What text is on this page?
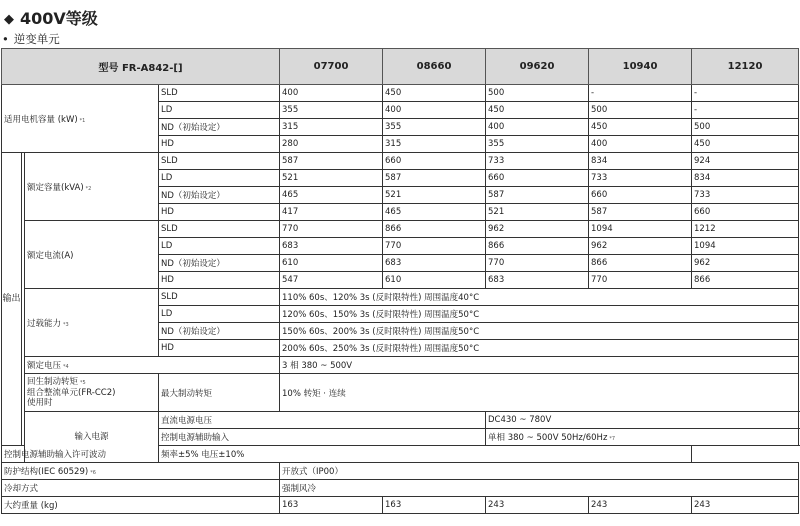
◆ 400V等级
• 逆变单元
型号 FR-A842-[]				07700	08660	09620	10940	12120
适用电机容量 (kW) *1			SLD	400	450	500	-	-
			LD	355	400	450	500	-
			ND（初始设定）	315	355	400	450	500
			HD	280	315	355	400	450
输出		额定容量(kVA) *2	SLD	587	660	733	834	924
			LD	521	587	660	733	834
			ND（初始设定）	465	521	587	660	733
			HD	417	465	521	587	660
		额定电流(A)	SLD	770	866	962	1094	1212
			LD	683	770	866	962	1094
			ND（初始设定）	610	683	770	866	962
			HD	547	610	683	770	866
		过载能力 *3	SLD	110% 60s、120% 3s (反时限特性) 周围温度40°C				
			LD	120% 60s、150% 3s (反时限特性) 周围温度50°C				
			ND（初始设定）	150% 60s、200% 3s (反时限特性) 周围温度50°C				
			HD	200% 60s、250% 3s (反时限特性) 周围温度50°C				
		额定电压 *4		3 相 380 ~ 500V				
		回生制动转矩 *5
组合整流单元(FR-CC2)
使用时	最大制动转矩	10% 转矩 · 连续				
		输入电源	直流电源电压			DC430 ~ 780V		
			控制电源辅助输入			单相 380 ~ 500V 50Hz/60Hz *7		
控制电源辅助输入许可波动			频率±5% 电压±10%					
防护结构(IEC 60529) *6				开放式（IP00）				
冷却方式				强制风冷				
大约重量 (kg)				163	163	243	243	243
